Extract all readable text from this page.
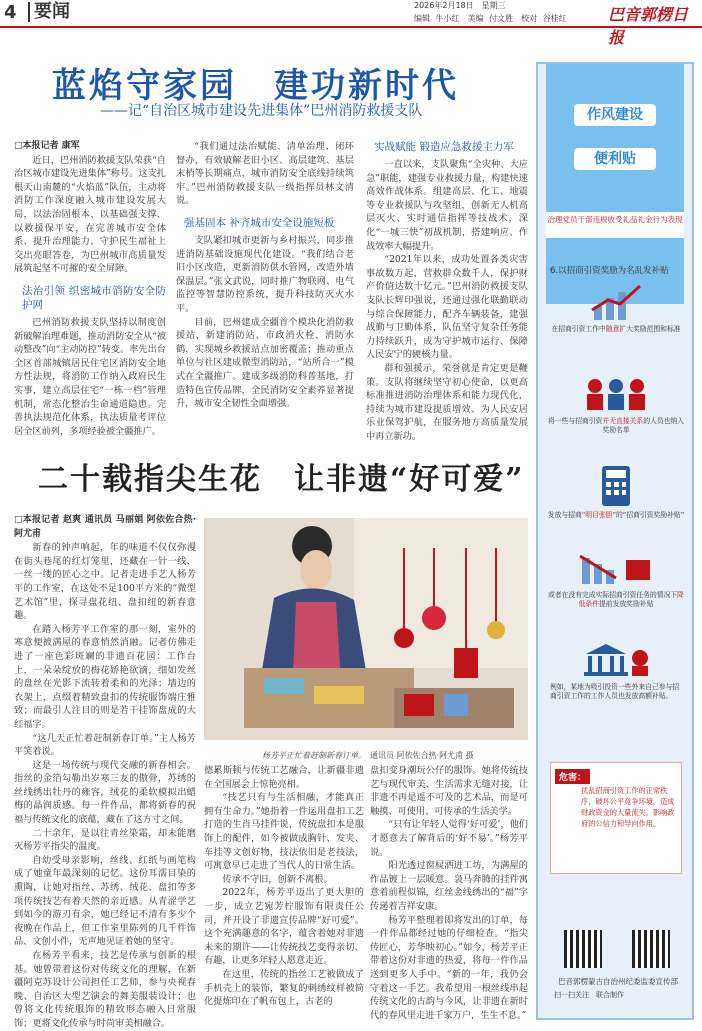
4 要闻	2026年2月18日　星期三
编辑 牛小红　美编 付文胜　校对 谷桂红	巴音郭楞日报
蓝焰守家园　建功新时代
——记“自治区城市建设先进集体”巴州消防救援支队
□本报记者 康军

近日，巴州消防救援支队荣获“自治区城市建设先进集体”称号。这支扎根天山南麓的“火焰蓝”队伍，主动将消防工作深度融入城市建设发展大局，以法治固根本、以基础强支撑、以救援保平安，在完善城市安全体系、提升治理能力、守护民生福祉上交出亮眼答卷，为巴州城市高质量发展筑起坚不可摧的安全屏障。

法治引领 织密城市消防安全防护网

巴州消防救援支队坚持以制度创新破解治理难题，推动消防安全从“被动整改”向“主动防控”转变。率先出台全区首部城镇居民住宅区消防安全地方性法规，将消防工作纳入政府民生实事，建立高层住宅“一栋一档”管理机制，常态化整治生命通道隐患。完善执法规范化体系，执法质量考评位居全区前列，多项经验被全疆推广。

“我们通过法治赋能、清单治理、闭环督办，有效破解老旧小区、高层建筑、基层末梢等长期痛点，城市消防安全底线持续筑牢。”巴州消防救援支队一级指挥员林文清说。

强基固本 补齐城市安全设施短板

支队紧扣城市更新与乡村振兴，同步推进消防基础设施现代化建设。“我们结合老旧小区改造，更新消防供水管网，改造外墙保温层。”张文武说，同时推广物联网、电气监控等智慧防控系统，提升科技防灭火水平。

目前，巴州建成全疆首个模块化消防救援站，新建消防站、市政消火栓、消防水鹤，实现城乡救援站点加密覆盖；推动重点单位与社区建成微型消防站，“站所合一”模式在全疆推广。建成多级消防科普基地，打造特色宣传品牌，全民消防安全素养显著提升，城市安全韧性全面增强。

实战赋能 锻造应急救援主力军

一直以来，支队聚焦“全灾种、大应急”职能，建强专业救援力量，构建快速高效作战体系。组建高层、化工、地震等专业救援队与攻坚组，创新无人机高层灭火、实时通信指挥等技战术，深化“一城三快”初战机制，搭建响应、作战效率大幅提升。

“2021年以来，成功处置各类灾害事故数万起，营救群众数千人，保护财产价值达数十亿元。”巴州消防救援支队支队长辉印强说，还通过强化联勤联动与综合保障能力，配齐车辆装备，建强战勤与卫勤体系，队伍坚守复杂任务能力持续跃升，成为守护城市运行、保障人民安宁的硬核力量。

群和强援示，荣誉就是肯定更是鞭策。支队将继续坚守初心使命，以更高标准推进消防治理体系和能力现代化，持续为城市建设提质增效、为人民安居乐业保驾护航，在服务地方高质量发展中再立新功。

二十载指尖生花　让非遗“好可爱”
□本报记者 赵爽 通讯员 马丽娟 阿依佐合热·阿尤甫

新春的钟声响起，年的味道不仅仅弥漫在街头巷尾的红灯笼里，还藏在一针一线、一丝一缕的匠心之中。记者走进手艺人杨芳平的工作室，在这处不足100平方米的“微型艺术馆”里，探寻盘花纽、盘扣纽的新春意趣。

在踏入杨芳平工作室的那一刻，室外的寒意便被满屋的春意悄然消融。记者仿佛走进了一座色彩斑斓的非遗百花园：工作台上，一朵朵绽放的梅花娇艳欲滴，细如发丝的盘丝在光影下流转着柔和的光泽；墙边的衣架上，点缀着精致盘扣的传统服饰端庄雅致；而最引人注目的则是若干挂饰盘成的大红福字。

“这几天正忙着赶制新春订单。”主人杨芳平笑着说。

这是一场传统与现代交融的新春相会。指丝的金箔勾勒出岁寒三友的傲骨，苏绣的丝线绣出牡丹的雍容，绒花的柔软模拟出蜡梅的晶润质感。每一件作品，都将新春的祝福与传统文化的底蕴，藏在了这方寸之间。

二十余年，是以往青丝染霜，却未能磨灭杨芳平指尖的温度。

自幼受母亲影响，丝线、红纸与画笔构成了她童年最深刻的记忆。这份耳濡目染的熏陶，让她对指丝、苏绣、绒花、盘扣等多项传统技艺有着天然的亲近感。从青涩学艺到如今的游刃有余，她已经记不清有多少个夜晚在作品上，但工作室里陈列的几千件饰品、文创小件，无声地见证着她的坚守。

在杨芳平看来，技艺是传承与创新的根基。她曾带着这份对传统文化的理解，在新疆阿克苏设计公司担任工艺师，参与央视春晚、自治区大型艺演会的舞美服装设计；也曾将文化传统服饰的精致形态融入日常服饰；更将文化传承与时尚审美相融合。

杨芳平正忙着赶制新春订单。 通讯员 阿依佐合热·阿尤甫 摄

德累斯顿与传统工艺融合，让新疆非遗在全国展会上惊艳亮相。

“技艺只有与生活相融，才能真正拥有生命力。”她指着一件运用盘扣工艺打造的生肖马挂件说，传统盘扣本是服饰上的配件，如今被做成胸针、发夹、车挂等文创好物，技法依旧是老技法，可寓意早已走进了当代人的日常生活。

传承不守旧，创新不离根。

2022年，杨芳平迈出了更大胆的一步，成立艺宛芳柠服饰有限责任公司，并开设了非遗宣传品牌“好可爱”。这个充满趣意的名字，蕴含着她对非遗未来的期许——让传统技艺变得亲切、有趣，让更多年轻人愿意走近。

在这里，传统的指丝工艺被做成了手机壳上的装饰，繁复的刺绣纹样被简化提炼印在了帆布包上，古老的

盘扣变身潮玩公仔的服饰。她将传统技艺与现代审美、生活需求无缝对接，让非遗不再是遥不可及的艺术品，而是可触摸、可使用、可传承的生活美学。

“只有让年轻人觉得‘好可爱’，他们才愿意去了解背后的‘好不易’。”杨芳平说。

阳光透过窗棂洒进工坊，为满屋的作品镀上一层暖意。袅马奔腾的挂件寓意着前程似锦，红丝金线绣出的“福”字传递着吉祥安康。

杨芳平整理着即将发出的订单，每一件作品都经过她的仔细检查。“指尖传匠心，芳华映初心。”如今，杨芳平正带着这份对非遗的热爱，将每一件作品送到更多人手中。“新的一年，我仍会守着这一手艺。我希望用一根丝线串起传统文化的古韵与今风，让非遗在新时代的春风里走进千家万户，生生不息。”

作风建设
便利贴
治理党员干部违规收受礼品礼金行为表现
6.以招商引资奖励为名乱发补贴
在招商引资工作中随意扩大奖励范围和标准
将一些与招商引资并无直接关系的人员也纳入奖励名单
发放与招商“明目张胆”的“招商引资奖励补贴”
或者在没有完成实际招商引资任务的情况下降低条件提前发放奖励补贴
例如，某地为吸引投资一些外来自己参与招商引资工作的工作人员也发放高额补贴。
危害：
扰乱招商引资工作的正常秩序，破坏公平竞争环境，造成财政资金的大量流失，影响政府的公信力和导向作用。
巴音郭楞蒙古自治州纪委监委宣传部
扫一扫关注　联合制作
